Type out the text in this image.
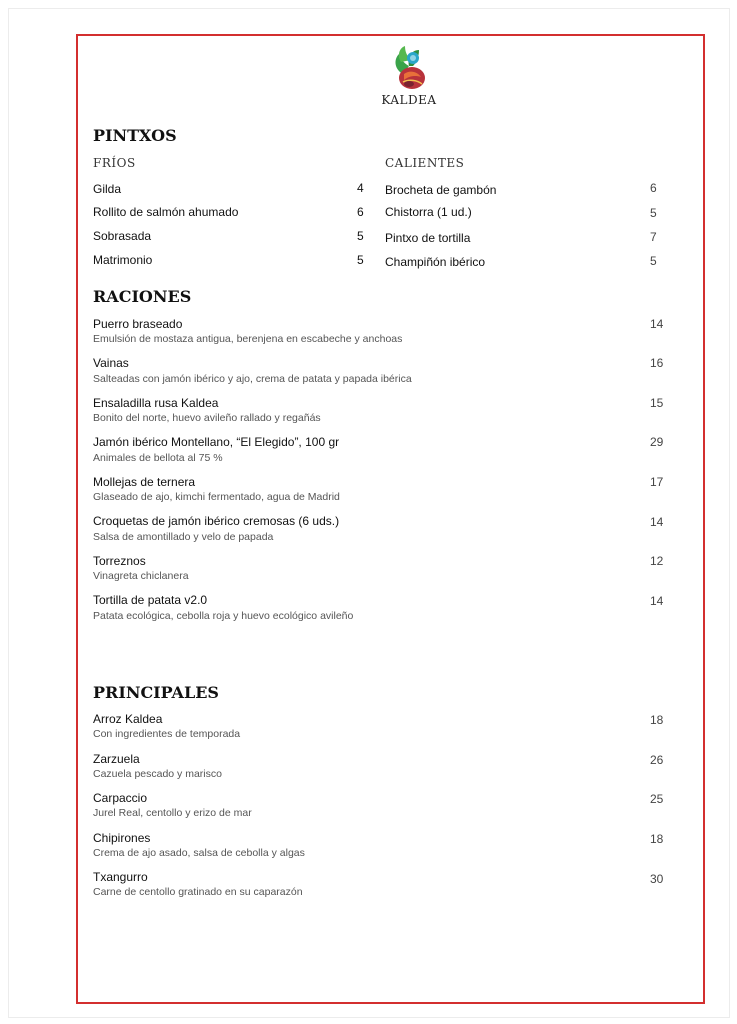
KALDEA
PINTXOS
FRÍOS	CALIENTES
Gilda	4
Rollito de salmón ahumado	6
Sobrasada	5
Matrimonio	5
Brocheta de gambón	6
Chistorra (1 ud.)	5
Pintxo de tortilla	7
Champiñón ibérico	5
RACIONES
Puerro braseado
Emulsión de mostaza antigua, berenjena en escabeche y anchoas
14
Vainas
Salteadas con jamón ibérico y ajo, crema de patata y papada ibérica
16
Ensaladilla rusa Kaldea
Bonito del norte, huevo avileño rallado y regañás
15
Jamón ibérico Montellano, “El Elegido”, 100 gr
Animales de bellota al 75 %
29
Mollejas de ternera
Glaseado de ajo, kimchi fermentado, agua de Madrid
17
Croquetas de jamón ibérico cremosas (6 uds.)
Salsa de amontillado y velo de papada
14
Torreznos
Vinagreta chiclanera
12
Tortilla de patata v2.0
Patata ecológica, cebolla roja y huevo ecológico avileño
14
PRINCIPALES
Arroz Kaldea
Con ingredientes de temporada
18
Zarzuela
Cazuela pescado y marisco
26
Carpaccio
Jurel Real, centollo y erizo de mar
25
Chipirones
Crema de ajo asado, salsa de cebolla y algas
18
Txangurro
Carne de centollo gratinado en su caparazón
30
